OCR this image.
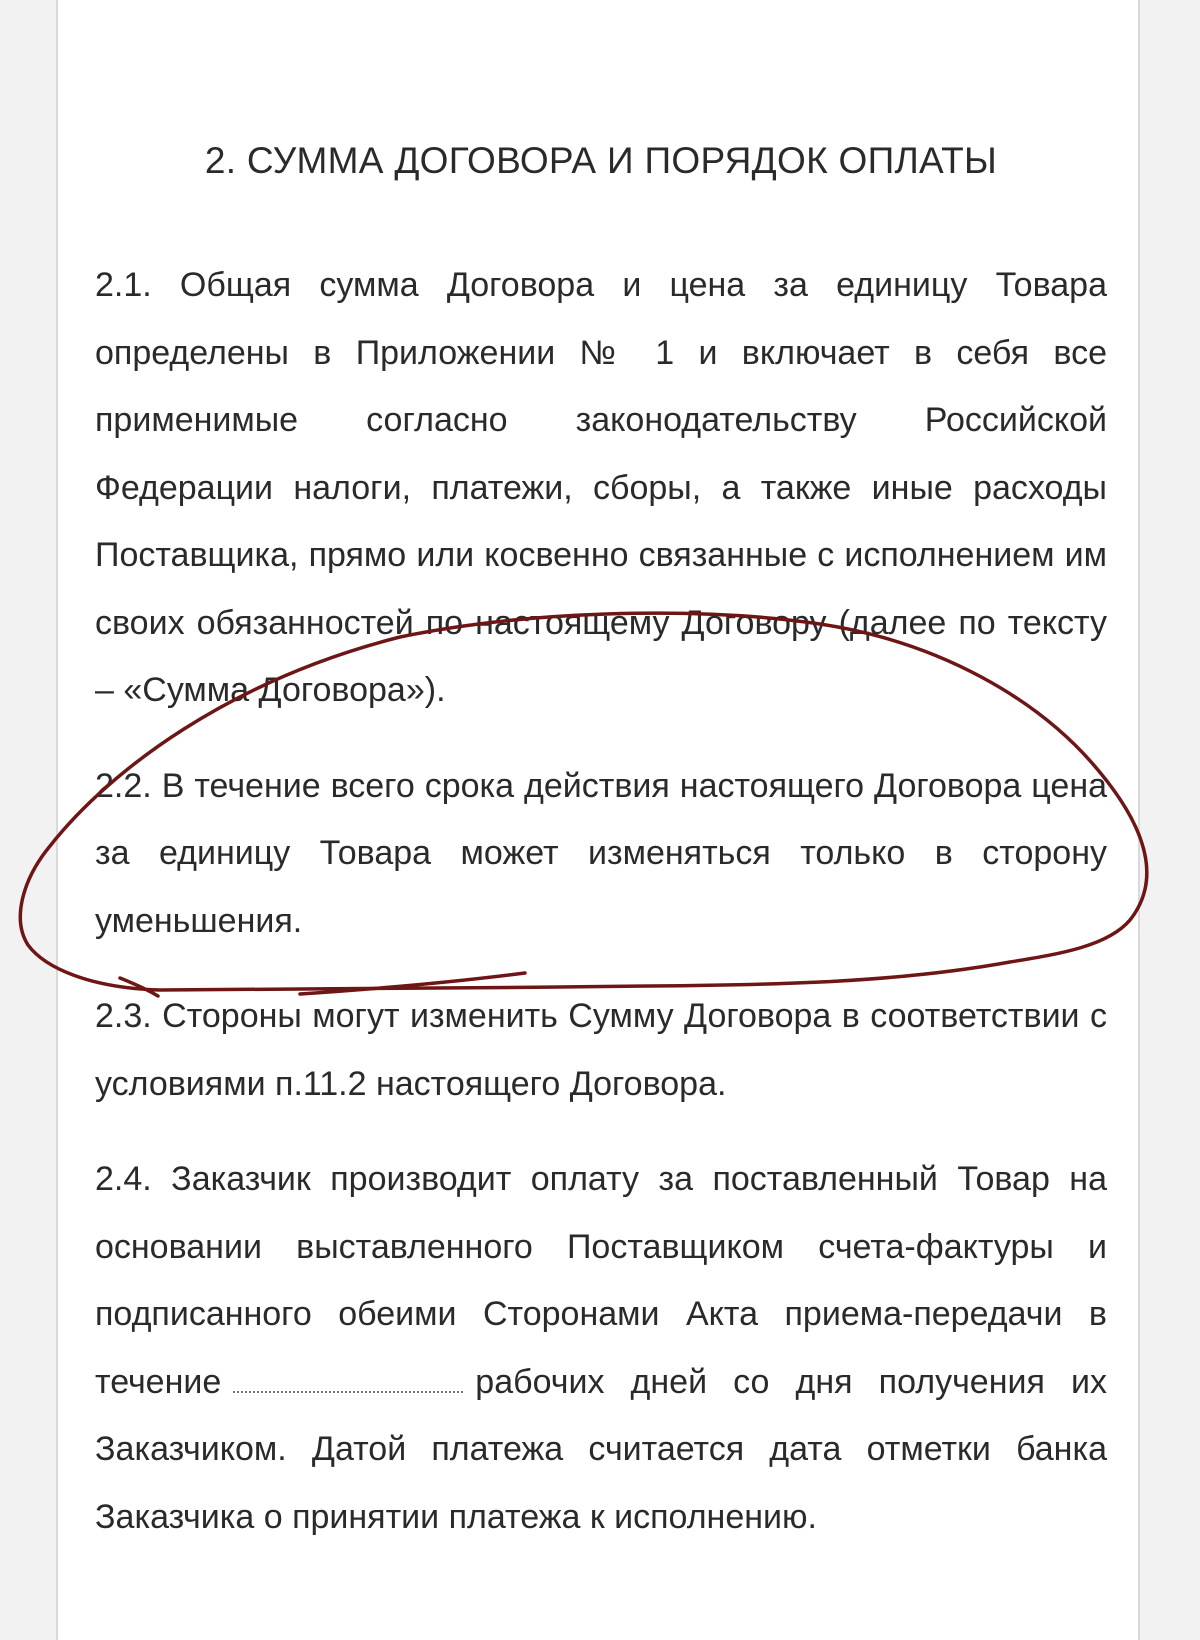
2. СУММА ДОГОВОРА И ПОРЯДОК ОПЛАТЫ

2.1. Общая сумма Договора и цена за единицу Товара определены в Приложении № 1 и включает в себя все применимые согласно законодательству Российской Федерации налоги, платежи, сборы, а также иные расходы Поставщика, прямо или косвенно связанные с исполнением им своих обязанностей по настоящему Договору (далее по тексту – «Сумма Договора»).

2.2. В течение всего срока действия настоящего Договора цена за единицу Товара может изменяться только в сторону уменьшения.

2.3. Стороны могут изменить Сумму Договора в соответствии с условиями п.11.2 настоящего Договора.

2.4. Заказчик производит оплату за поставленный Товар на основании выставленного Поставщиком счета-фактуры и подписанного обеими Сторонами Акта приема-передачи в течение	рабочих дней со дня получения их Заказчиком. Датой платежа считается дата отметки банка Заказчика о принятии платежа к исполнению.
